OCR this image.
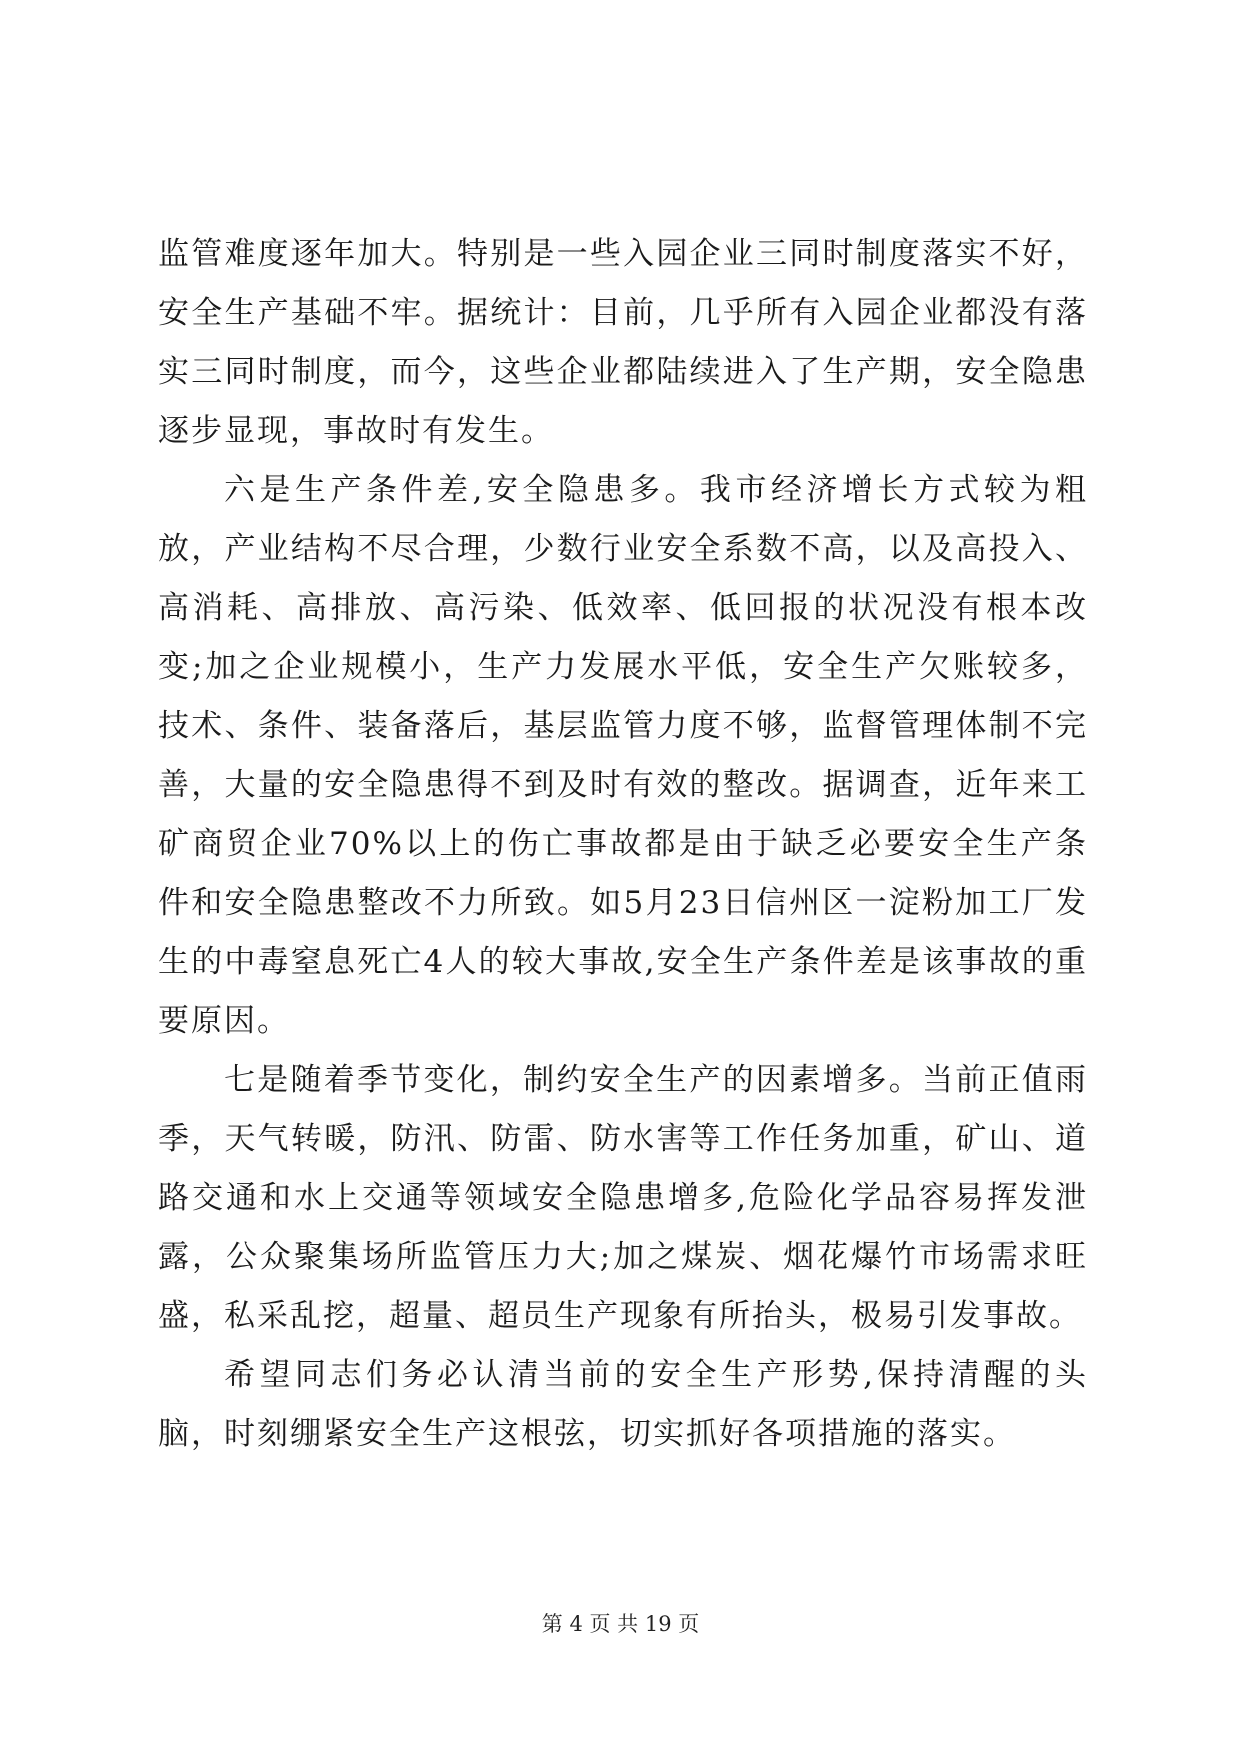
监管难度逐年加大。特别是一些入园企业三同时制度落实不好，安全生产基础不牢。据统计：目前，几乎所有入园企业都没有落实三同时制度，而今，这些企业都陆续进入了生产期，安全隐患逐步显现，事故时有发生。

六是生产条件差,安全隐患多。我市经济增长方式较为粗放，产业结构不尽合理，少数行业安全系数不高，以及高投入、高消耗、高排放、高污染、低效率、低回报的状况没有根本改变;加之企业规模小，生产力发展水平低，安全生产欠账较多，技术、条件、装备落后，基层监管力度不够，监督管理体制不完善，大量的安全隐患得不到及时有效的整改。据调查，近年来工矿商贸企业70%以上的伤亡事故都是由于缺乏必要安全生产条件和安全隐患整改不力所致。如5月23日信州区一淀粉加工厂发生的中毒窒息死亡4人的较大事故,安全生产条件差是该事故的重要原因。

七是随着季节变化，制约安全生产的因素增多。当前正值雨季，天气转暖，防汛、防雷、防水害等工作任务加重，矿山、道路交通和水上交通等领域安全隐患增多,危险化学品容易挥发泄露，公众聚集场所监管压力大;加之煤炭、烟花爆竹市场需求旺盛，私采乱挖，超量、超员生产现象有所抬头，极易引发事故。

希望同志们务必认清当前的安全生产形势,保持清醒的头脑，时刻绷紧安全生产这根弦，切实抓好各项措施的落实。

第 4 页 共 19 页
